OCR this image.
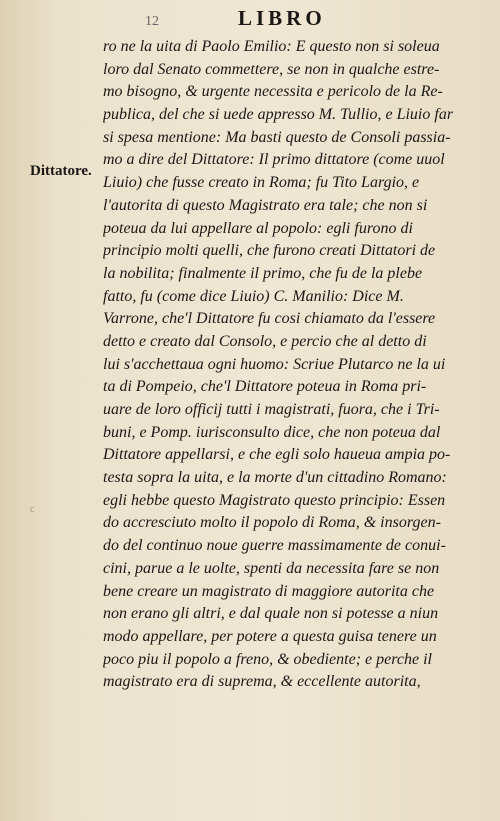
12	LIBRO
Dittatore.
c
ro ne la uita di Paolo Emilio: E questo non si soleua
loro dal Senato commettere, se non in qualche estre-
mo bisogno, & urgente necessita e pericolo de la Re-
publica, del che si uede appresso M. Tullio, e Liuio far
si spesa mentione: Ma basti questo de Consoli passia-
mo a dire del Dittatore: Il primo dittatore (come uuol
Liuio) che fusse creato in Roma; fu Tito Largio, e
l'autorita di questo Magistrato era tale; che non si
poteua da lui appellare al popolo: egli furono di
principio molti quelli, che furono creati Dittatori de
la nobilita; finalmente il primo, che fu de la plebe
fatto, fu (come dice Liuio) C. Manilio: Dice M.
Varrone, che'l Dittatore fu cosi chiamato da l'essere
detto e creato dal Consolo, e percio che al detto di
lui s'acchettaua ogni huomo: Scriue Plutarco ne la ui
ta di Pompeio, che'l Dittatore poteua in Roma pri-
uare de loro officij tutti i magistrati, fuora, che i Tri-
buni, e Pomp. iurisconsulto dice, che non poteua dal
Dittatore appellarsi, e che egli solo haueua ampia po-
testa sopra la uita, e la morte d'un cittadino Romano:
egli hebbe questo Magistrato questo principio: Essen
do accresciuto molto il popolo di Roma, & insorgen-
do del continuo noue guerre massimamente de conui-
cini, parue a le uolte, spenti da necessita fare se non
bene creare un magistrato di maggiore autorita che
non erano gli altri, e dal quale non si potesse a niun
modo appellare, per potere a questa guisa tenere un
poco piu il popolo a freno, & obediente; e perche il
magistrato era di suprema, & eccellente autorita,
